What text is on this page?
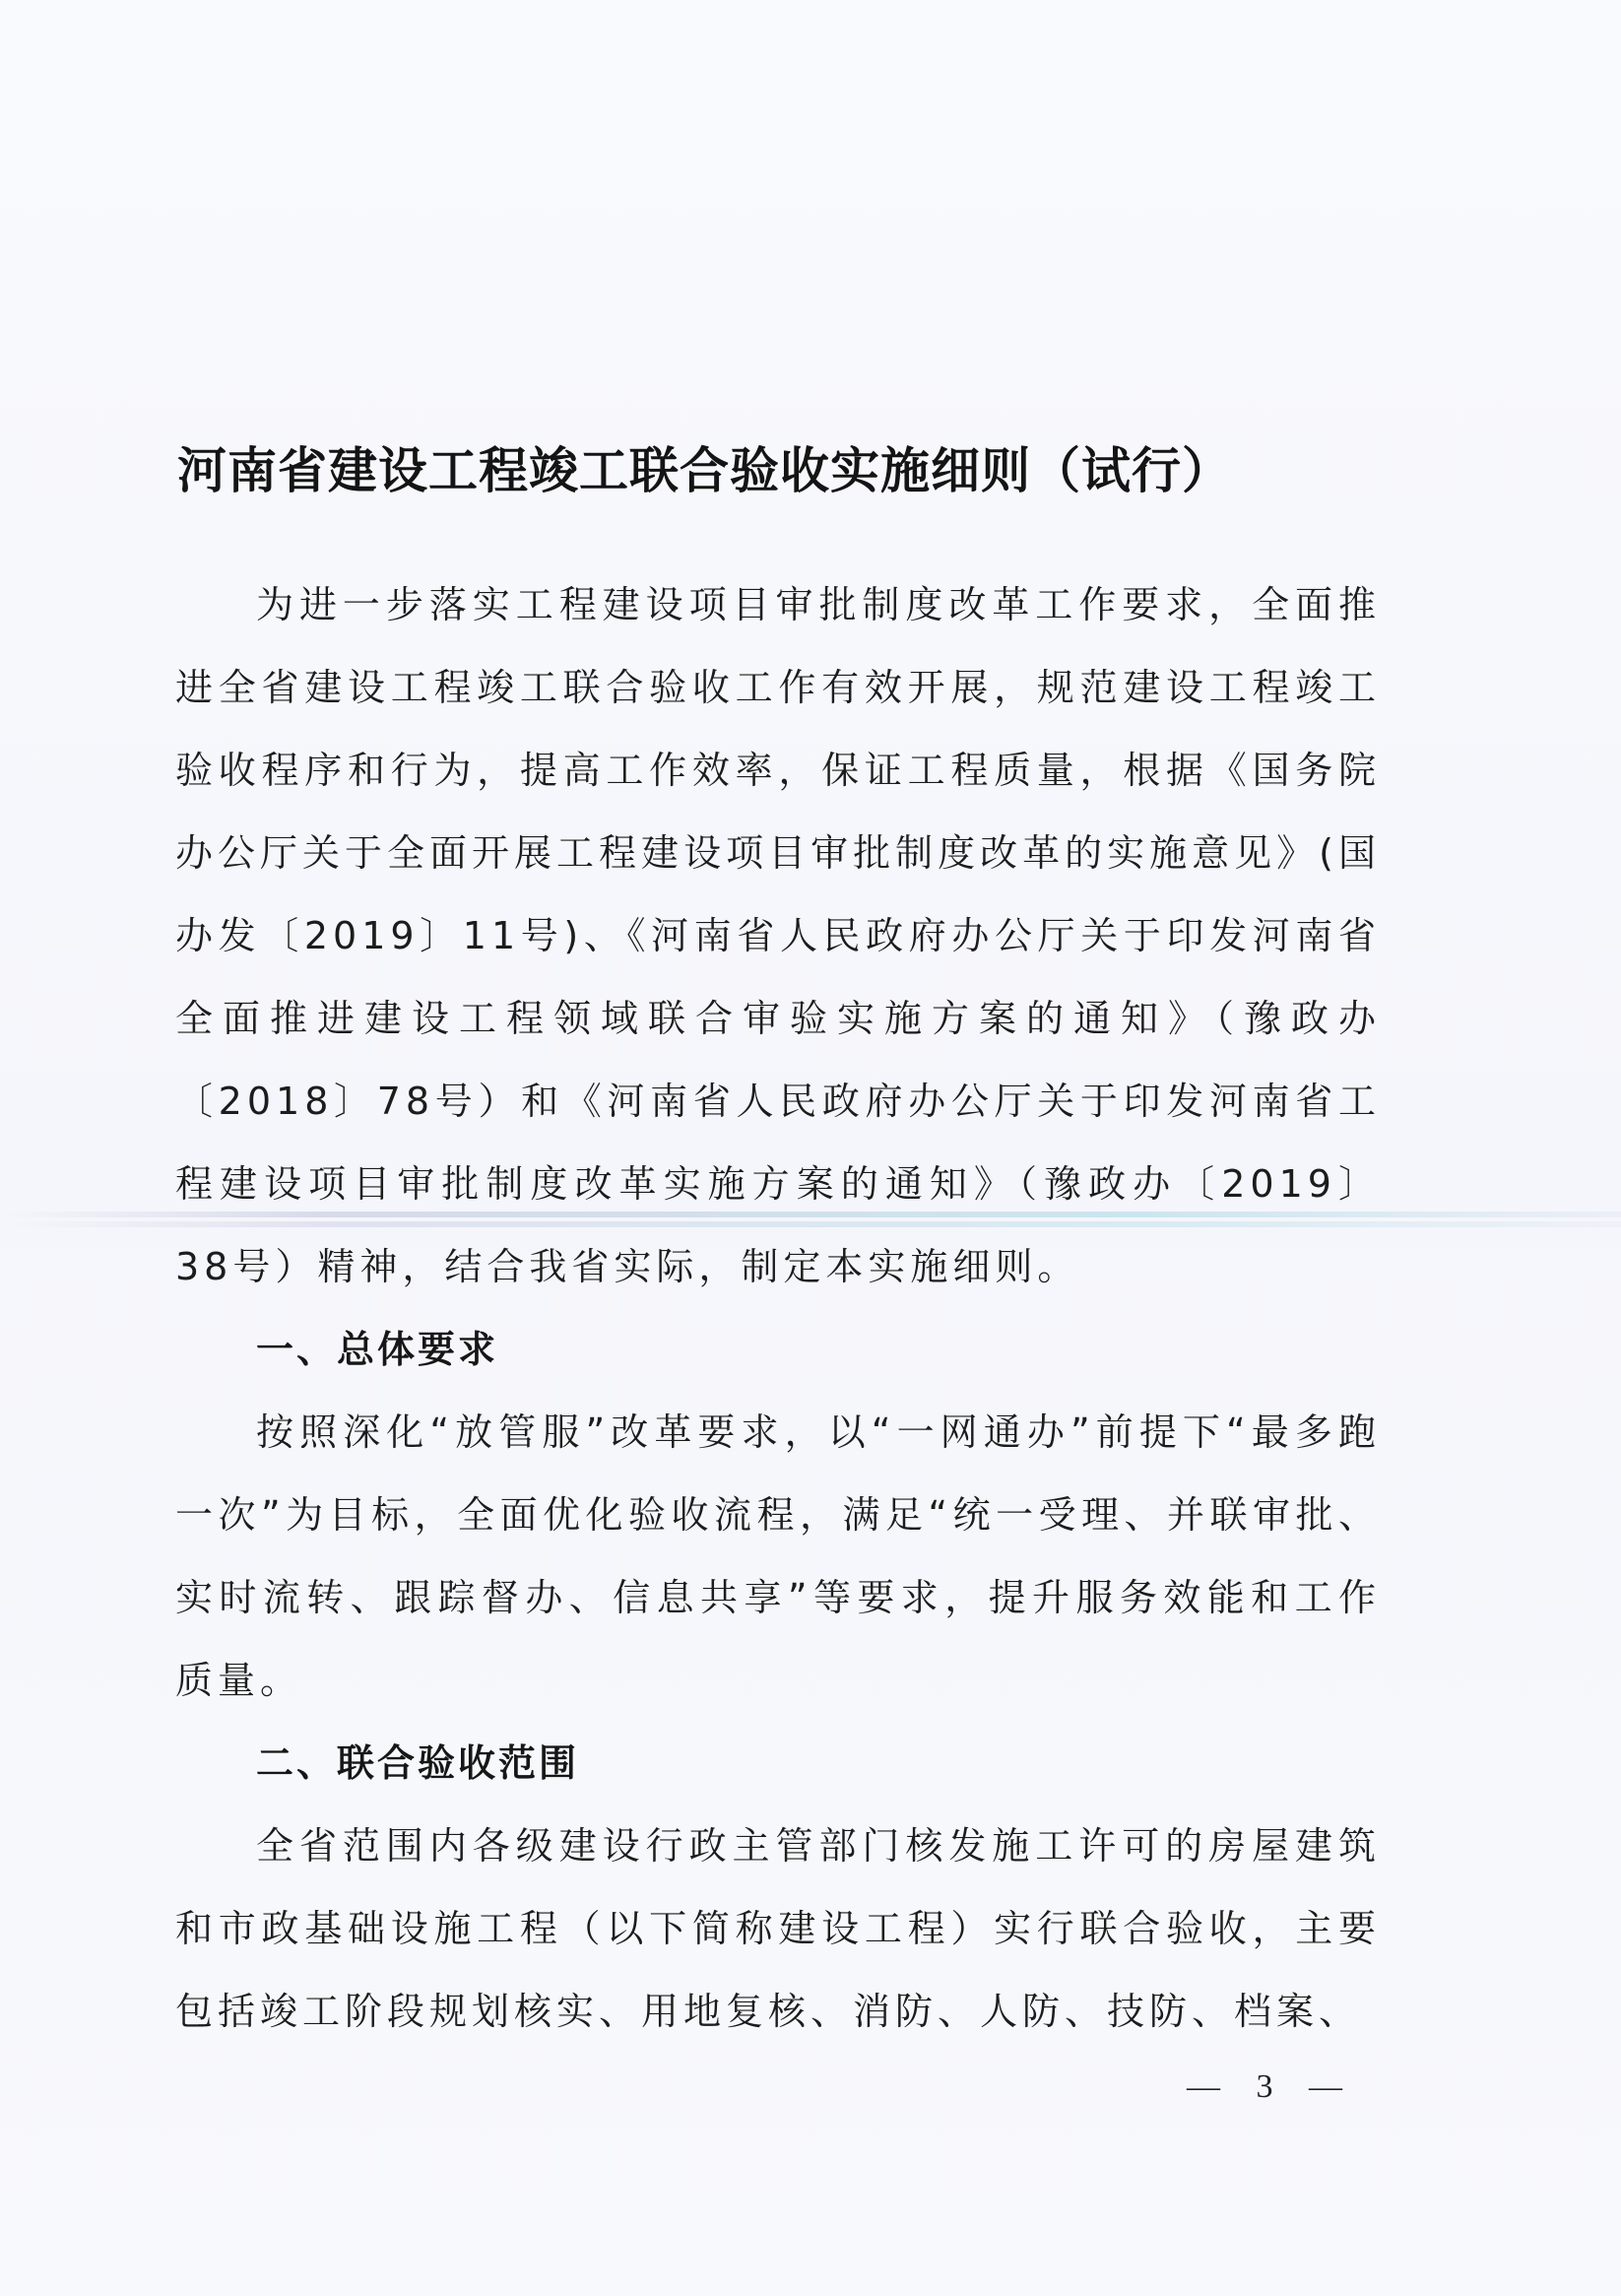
河南省建设工程竣工联合验收实施细则（试行）

为进一步落实工程建设项目审批制度改革工作要求，全面推进全省建设工程竣工联合验收工作有效开展，规范建设工程竣工验收程序和行为，提高工作效率，保证工程质量，根据《国务院办公厅关于全面开展工程建设项目审批制度改革的实施意见》(国办发〔2019〕11号)、《河南省人民政府办公厅关于印发河南省全面推进建设工程领域联合审验实施方案的通知》（豫政办〔2018〕78号）和《河南省人民政府办公厅关于印发河南省工程建设项目审批制度改革实施方案的通知》（豫政办〔2019〕38号）精神，结合我省实际，制定本实施细则。

一、总体要求

按照深化“放管服”改革要求，以“一网通办”前提下“最多跑一次”为目标，全面优化验收流程，满足“统一受理、并联审批、实时流转、跟踪督办、信息共享”等要求，提升服务效能和工作质量。

二、联合验收范围

全省范围内各级建设行政主管部门核发施工许可的房屋建筑和市政基础设施工程（以下简称建设工程）实行联合验收，主要包括竣工阶段规划核实、用地复核、消防、人防、技防、档案、

— 3 —
